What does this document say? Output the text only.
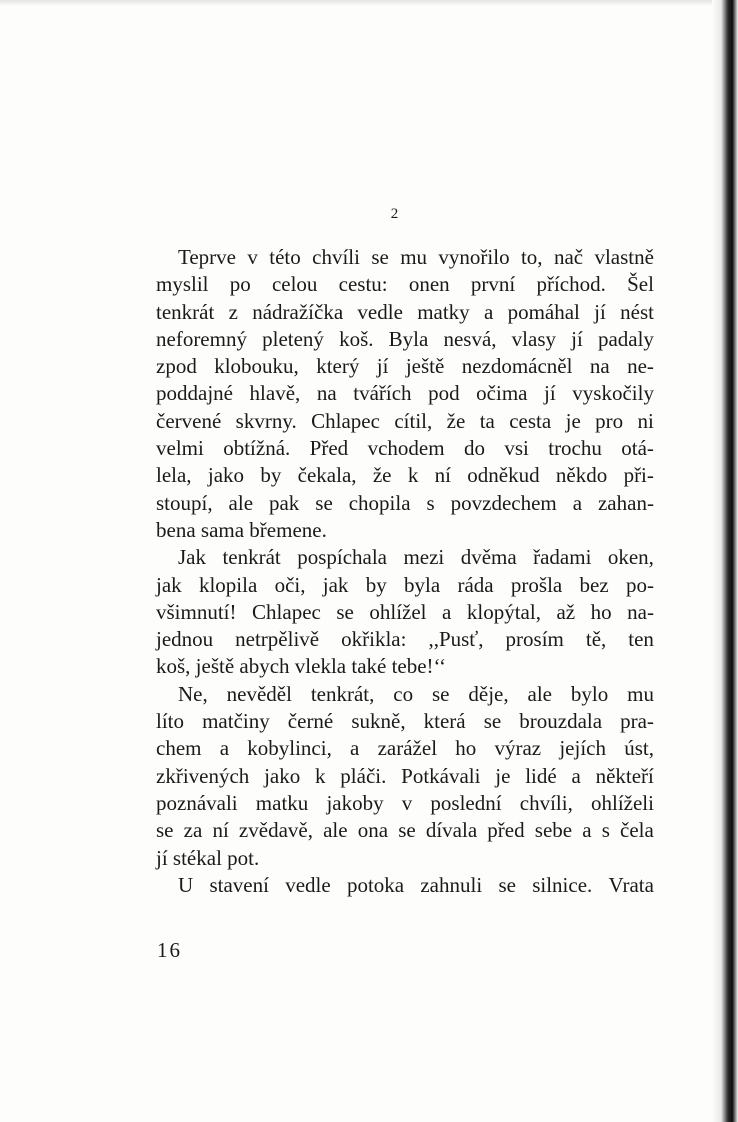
2
Teprve v této chvíli se mu vynořilo to, nač vlastně
myslil po celou cestu: onen první příchod. Šel
tenkrát z nádražíčka vedle matky a pomáhal jí nést
neforemný pletený koš. Byla nesvá, vlasy jí padaly
zpod klobouku, který jí ještě nezdomácněl na ne-
poddajné hlavě, na tvářích pod očima jí vyskočily
červené skvrny. Chlapec cítil, že ta cesta je pro ni
velmi obtížná. Před vchodem do vsi trochu otá-
lela, jako by čekala, že k ní odněkud někdo při-
stoupí, ale pak se chopila s povzdechem a zahan-
bena sama břemene.
Jak tenkrát pospíchala mezi dvěma řadami oken,
jak klopila oči, jak by byla ráda prošla bez po-
všimnutí! Chlapec se ohlížel a klopýtal, až ho na-
jednou netrpělivě okřikla: ,,Pusť, prosím tě, ten
koš, ještě abych vlekla také tebe!‘‘
Ne, nevěděl tenkrát, co se děje, ale bylo mu
líto matčiny černé sukně, která se brouzdala pra-
chem a kobylinci, a zarážel ho výraz jejích úst,
zkřivených jako k pláči. Potkávali je lidé a někteří
poznávali matku jakoby v poslední chvíli, ohlíželi
se za ní zvědavě, ale ona se dívala před sebe a s čela
jí stékal pot.
U stavení vedle potoka zahnuli se silnice. Vrata
16
